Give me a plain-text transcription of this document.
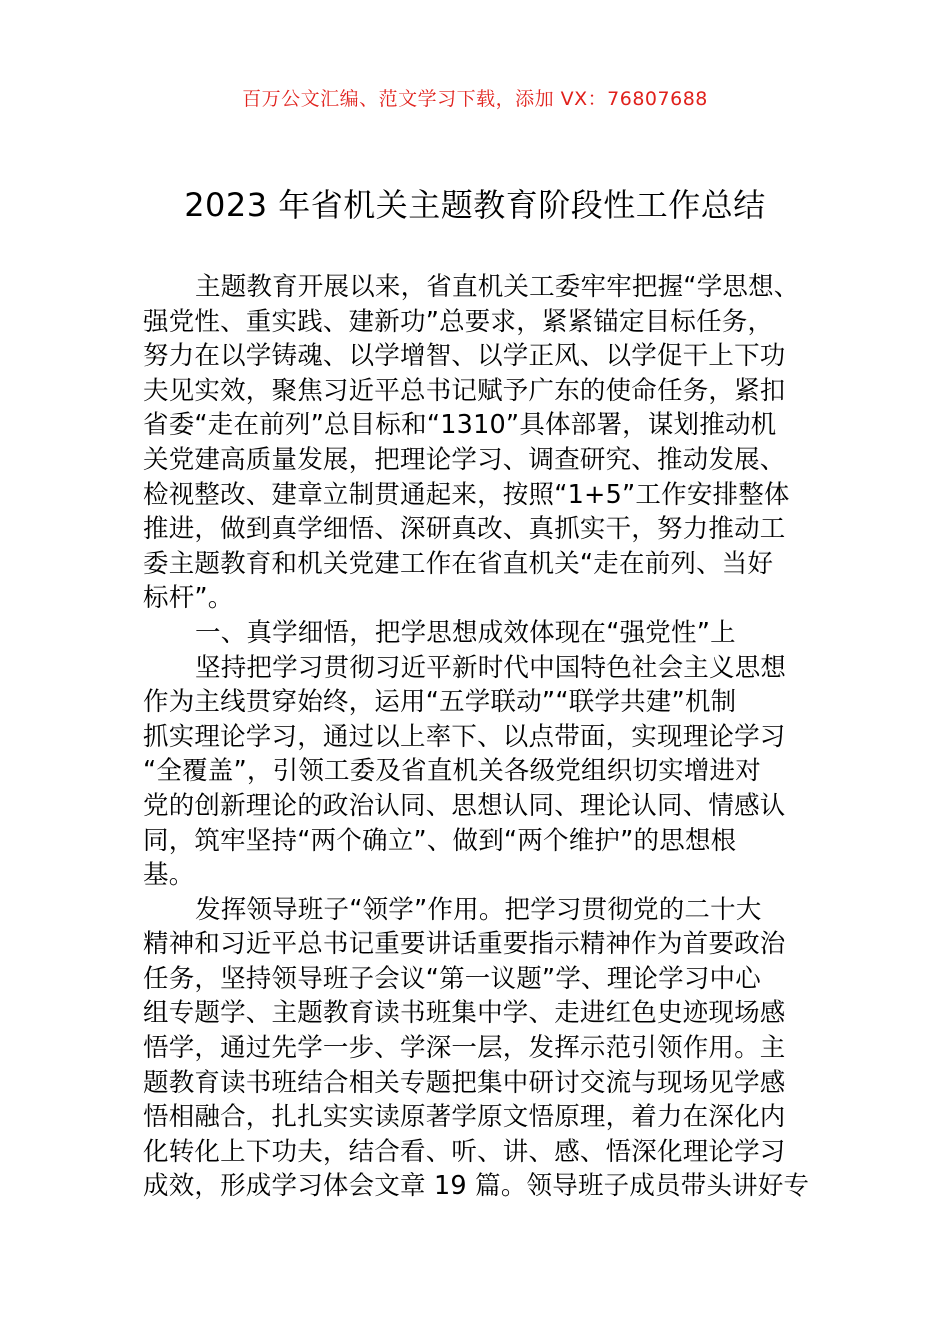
百万公文汇编、范文学习下载，添加 VX：76807688
2023 年省机关主题教育阶段性工作总结
主题教育开展以来，省直机关工委牢牢把握“学思想、
强党性、重实践、建新功”总要求，紧紧锚定目标任务，
努力在以学铸魂、以学增智、以学正风、以学促干上下功
夫见实效，聚焦习近平总书记赋予广东的使命任务，紧扣
省委“走在前列”总目标和“1310”具体部署，谋划推动机
关党建高质量发展，把理论学习、调查研究、推动发展、
检视整改、建章立制贯通起来，按照“1+5”工作安排整体
推进，做到真学细悟、深研真改、真抓实干，努力推动工
委主题教育和机关党建工作在省直机关“走在前列、当好
标杆”。
一、真学细悟，把学思想成效体现在“强党性”上
坚持把学习贯彻习近平新时代中国特色社会主义思想
作为主线贯穿始终，运用“五学联动”“联学共建”机制
抓实理论学习，通过以上率下、以点带面，实现理论学习
“全覆盖”，引领工委及省直机关各级党组织切实增进对
党的创新理论的政治认同、思想认同、理论认同、情感认
同，筑牢坚持“两个确立”、做到“两个维护”的思想根
基。
发挥领导班子“领学”作用。把学习贯彻党的二十大
精神和习近平总书记重要讲话重要指示精神作为首要政治
任务，坚持领导班子会议“第一议题”学、理论学习中心
组专题学、主题教育读书班集中学、走进红色史迹现场感
悟学，通过先学一步、学深一层，发挥示范引领作用。主
题教育读书班结合相关专题把集中研讨交流与现场见学感
悟相融合，扎扎实实读原著学原文悟原理，着力在深化内
化转化上下功夫，结合看、听、讲、感、悟深化理论学习
成效，形成学习体会文章 19 篇。领导班子成员带头讲好专
